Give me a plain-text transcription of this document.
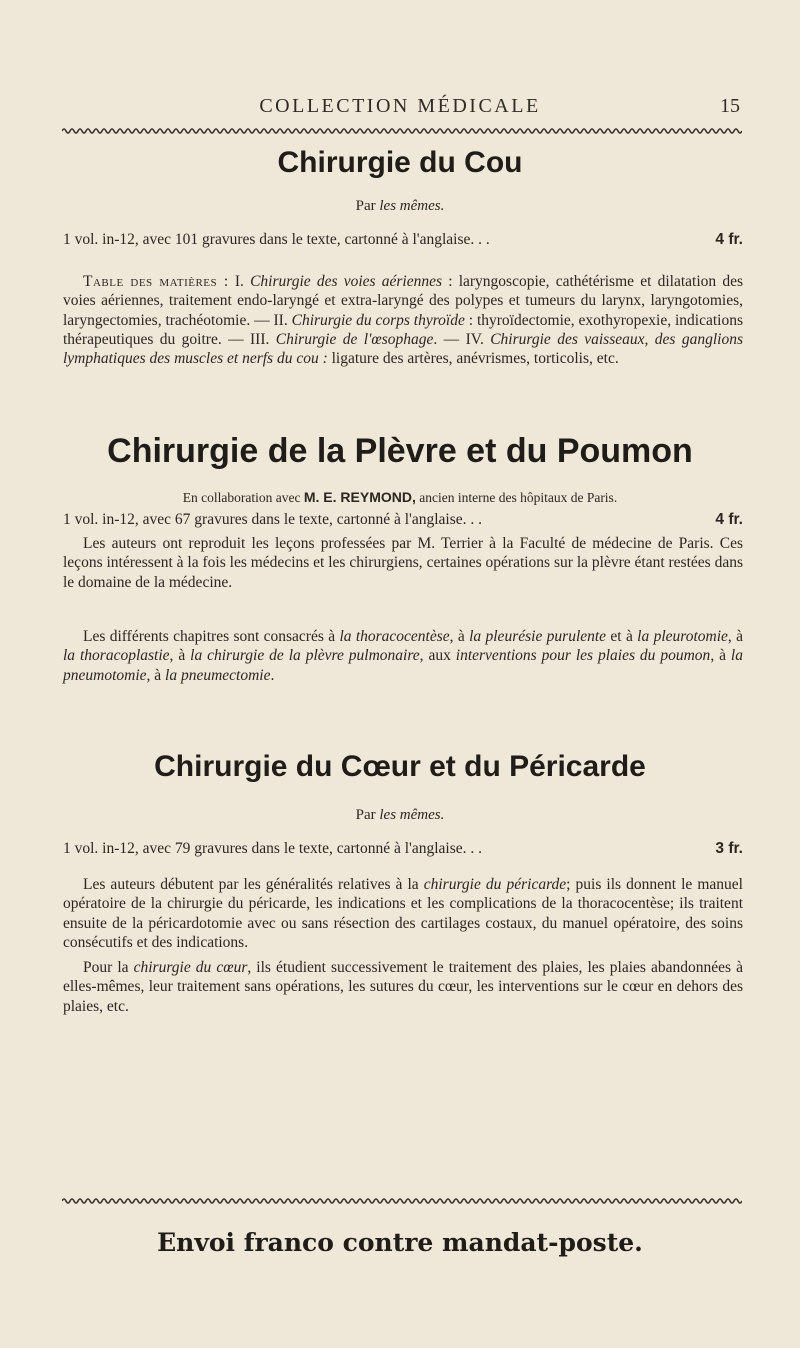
COLLECTION MÉDICALE	15
Chirurgie du Cou
Par les mêmes.
1 vol. in-12, avec 101 gravures dans le texte, cartonné à l'anglaise. . .	4 fr.
Table des matières : I. Chirurgie des voies aériennes : laryngoscopie, cathétérisme et dilatation des voies aériennes, traitement endo-laryngé et extra-laryngé des polypes et tumeurs du larynx, laryngotomies, laryngectomies, trachéotomie. — II. Chirurgie du corps thyroïde : thyroïdectomie, exothyropexie, indications thérapeutiques du goitre. — III. Chirurgie de l'œsophage. — IV. Chirurgie des vaisseaux, des ganglions lymphatiques des muscles et nerfs du cou : ligature des artères, anévrismes, torticolis, etc.
Chirurgie de la Plèvre et du Poumon
En collaboration avec M. E. REYMOND, ancien interne des hôpitaux de Paris.
1 vol. in-12, avec 67 gravures dans le texte, cartonné à l'anglaise. . .	4 fr.
Les auteurs ont reproduit les leçons professées par M. Terrier à la Faculté de médecine de Paris. Ces leçons intéressent à la fois les médecins et les chirurgiens, certaines opérations sur la plèvre étant restées dans le domaine de la médecine.
Les différents chapitres sont consacrés à la thoracocentèse, à la pleurésie purulente et à la pleurotomie, à la thoracoplastie, à la chirurgie de la plèvre pulmonaire, aux interventions pour les plaies du poumon, à la pneumotomie, à la pneumectomie.
Chirurgie du Cœur et du Péricarde
Par les mêmes.
1 vol. in-12, avec 79 gravures dans le texte, cartonné à l'anglaise. . .	3 fr.
Les auteurs débutent par les généralités relatives à la chirurgie du péricarde; puis ils donnent le manuel opératoire de la chirurgie du péricarde, les indications et les complications de la thoracocentèse; ils traitent ensuite de la péricardotomie avec ou sans résection des cartilages costaux, du manuel opératoire, des soins consécutifs et des indications.
Pour la chirurgie du cœur, ils étudient successivement le traitement des plaies, les plaies abandonnées à elles-mêmes, leur traitement sans opérations, les sutures du cœur, les interventions sur le cœur en dehors des plaies, etc.
Envoi franco contre mandat-poste.
